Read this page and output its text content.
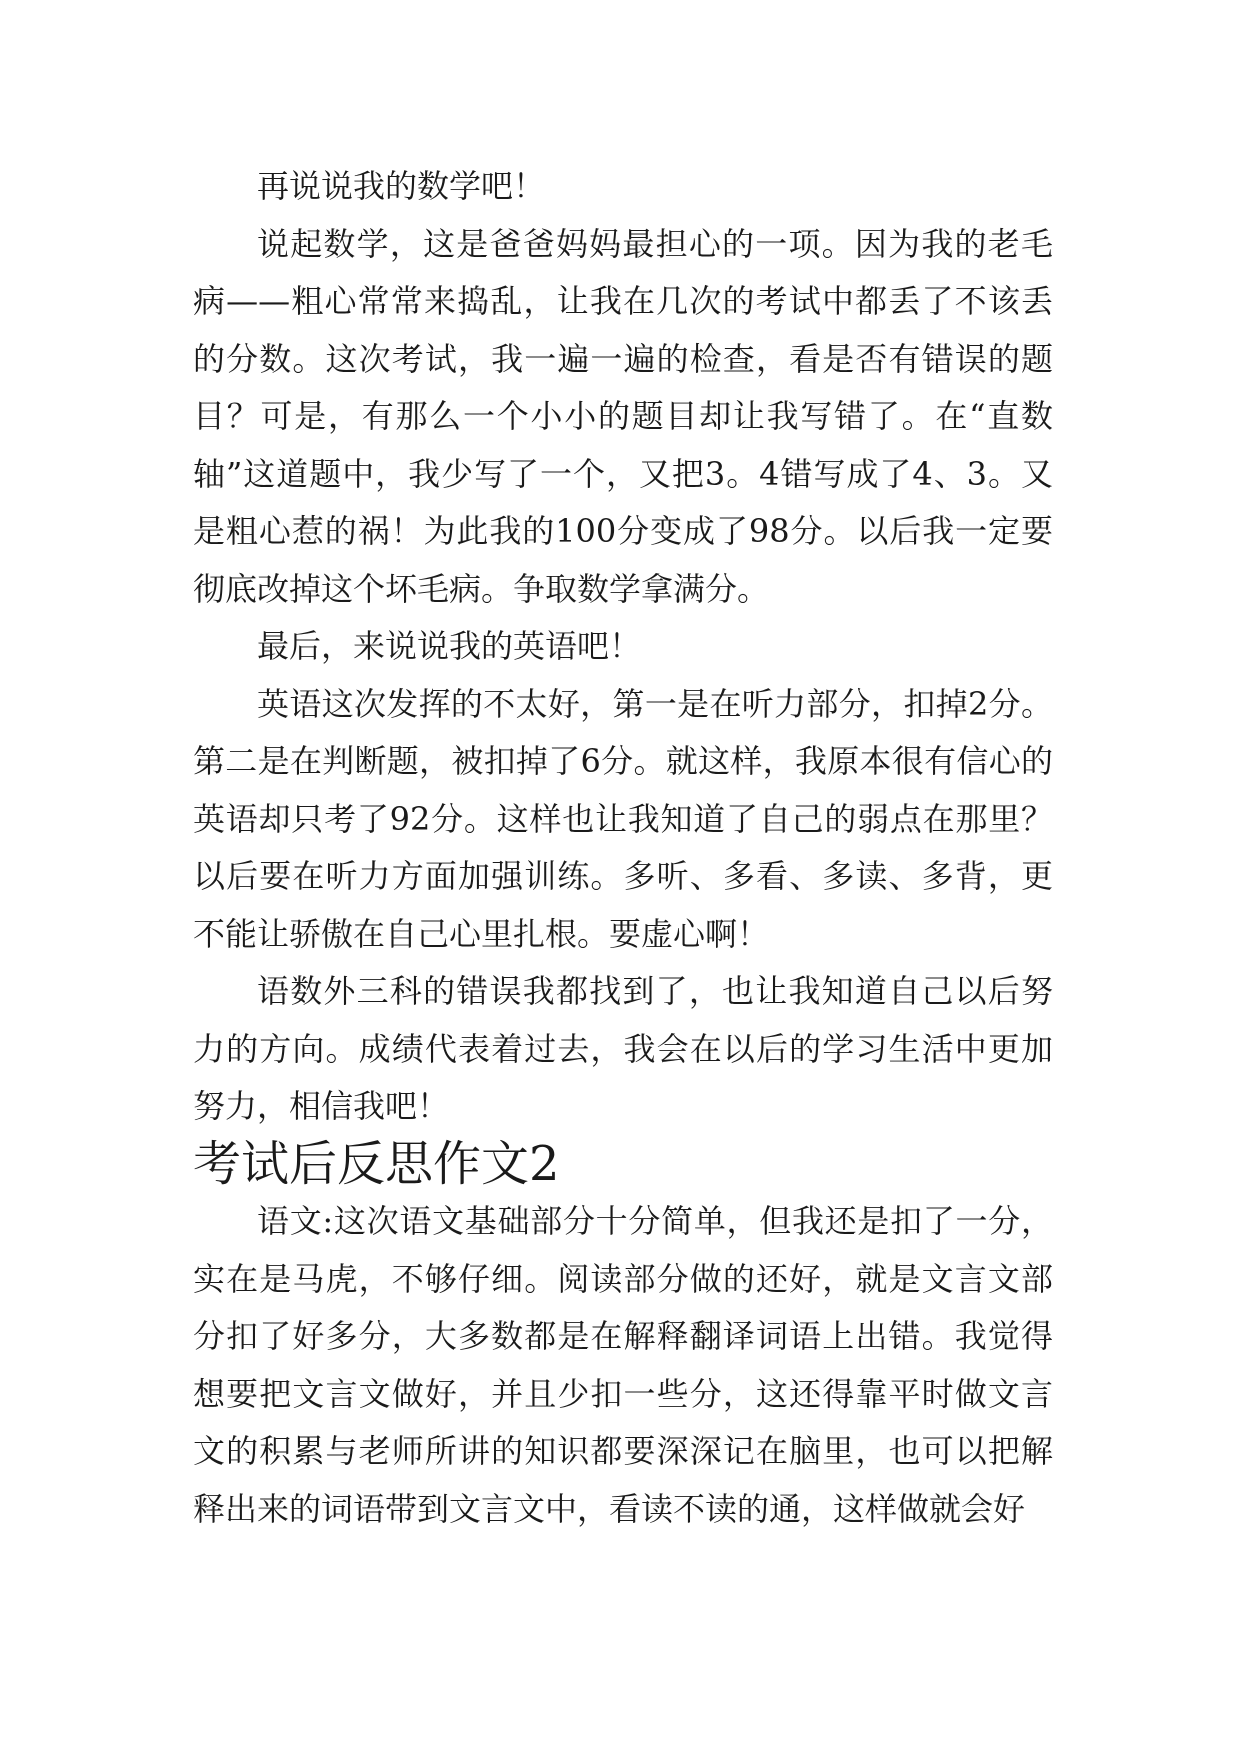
再说说我的数学吧！

说起数学，这是爸爸妈妈最担心的一项。因为我的老毛病——粗心常常来捣乱，让我在几次的考试中都丢了不该丢的分数。这次考试，我一遍一遍的检查，看是否有错误的题目？可是，有那么一个小小的题目却让我写错了。在“直数轴”这道题中，我少写了一个，又把3。4错写成了4、3。又是粗心惹的祸！为此我的100分变成了98分。以后我一定要彻底改掉这个坏毛病。争取数学拿满分。

最后，来说说我的英语吧！

英语这次发挥的不太好，第一是在听力部分，扣掉2分。第二是在判断题，被扣掉了6分。就这样，我原本很有信心的英语却只考了92分。这样也让我知道了自己的弱点在那里？以后要在听力方面加强训练。多听、多看、多读、多背，更不能让骄傲在自己心里扎根。要虚心啊！

语数外三科的错误我都找到了，也让我知道自己以后努力的方向。成绩代表着过去，我会在以后的学习生活中更加努力，相信我吧！

考试后反思作文2

语文:这次语文基础部分十分简单，但我还是扣了一分，实在是马虎，不够仔细。阅读部分做的还好，就是文言文部分扣了好多分，大多数都是在解释翻译词语上出错。我觉得想要把文言文做好，并且少扣一些分，这还得靠平时做文言文的积累与老师所讲的知识都要深深记在脑里，也可以把解释出来的词语带到文言文中，看读不读的通，这样做就会好
